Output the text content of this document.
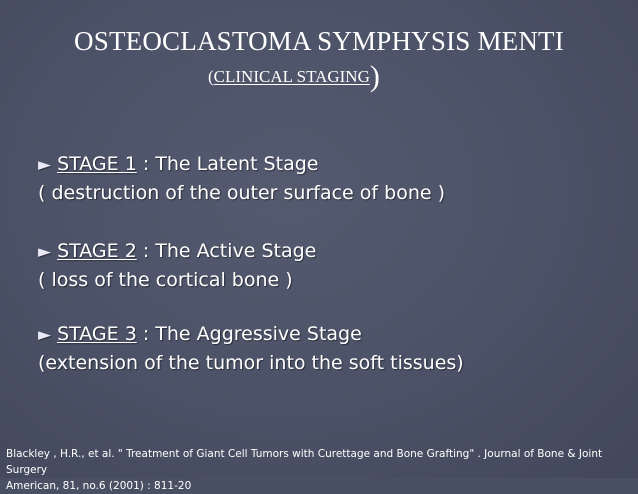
OSTEOCLASTOMA SYMPHYSIS MENTI
(CLINICAL STAGING)
► STAGE 1 : The Latent Stage
( destruction of the outer surface of bone )
► STAGE 2 : The Active Stage
( loss of the cortical bone )
► STAGE 3 : The Aggressive Stage
(extension of the tumor into the soft tissues)
Blackley , H.R., et al. " Treatment of Giant Cell Tumors with Curettage and Bone Grafting" . Journal of Bone & Joint Surgery
American, 81, no.6 (2001) : 811-20
